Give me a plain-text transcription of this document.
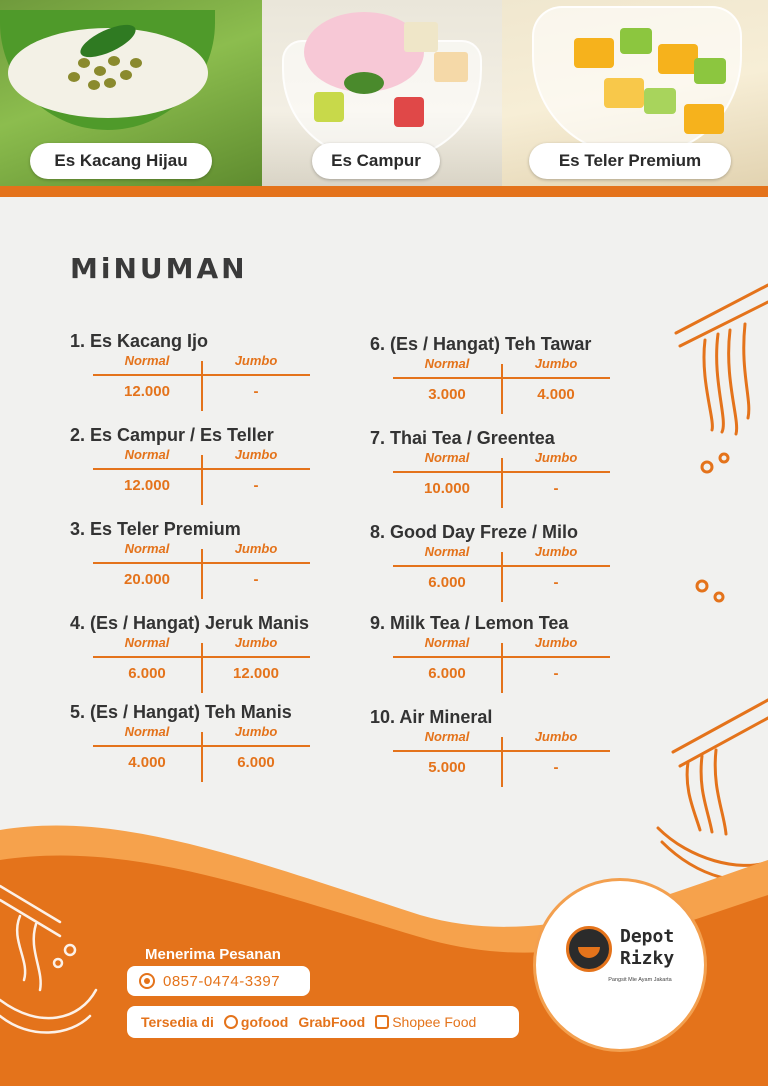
Es Kacang Hijau	Es Campur	Es Teler Premium
MiNUMAN
1. Es Kacang Ijo
Normal	Jumbo
12.000	-
2. Es Campur / Es Teller
Normal	Jumbo
12.000	-
3. Es Teler Premium
Normal	Jumbo
20.000	-
4. (Es / Hangat) Jeruk Manis
Normal	Jumbo
6.000	12.000
5. (Es / Hangat) Teh Manis
Normal	Jumbo
4.000	6.000
6. (Es / Hangat) Teh Tawar
Normal	Jumbo
3.000	4.000
7. Thai Tea / Greentea
Normal	Jumbo
10.000	-
8. Good Day Freze / Milo
Normal	Jumbo
6.000	-
9. Milk Tea / Lemon Tea
Normal	Jumbo
6.000	-
10. Air Mineral
Normal	Jumbo
5.000	-
Menerima Pesanan
0857-0474-3397
Tersedia di gofood GrabFood Shopee Food
Depot
Rizky
Pangsit Mie Ayam Jakarta
